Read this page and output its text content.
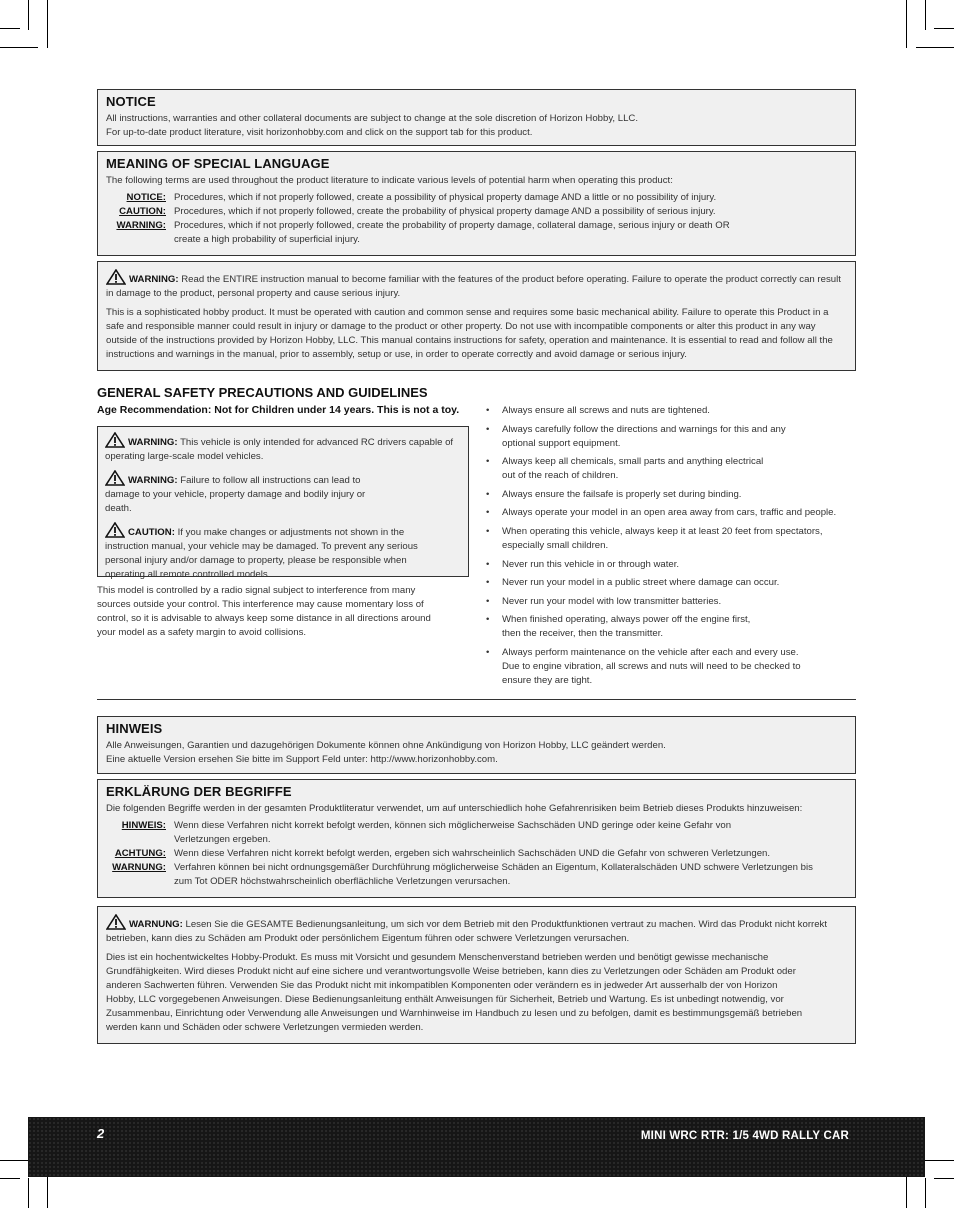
NOTICE

All instructions, warranties and other collateral documents are subject to change at the sole discretion of Horizon Hobby, LLC.

For up-to-date product literature, visit horizonhobby.com and click on the support tab for this product.

MEANING OF SPECIAL LANGUAGE

The following terms are used throughout the product literature to indicate various levels of potential harm when operating this product:

NOTICE: Procedures, which if not properly followed, create a possibility of physical property damage AND a little or no possibility of injury.
CAUTION: Procedures, which if not properly followed, create the probability of physical property damage AND a possibility of serious injury.
WARNING: Procedures, which if not properly followed, create the probability of property damage, collateral damage, serious injury or death OR create a high probability of superficial injury.

WARNING: Read the ENTIRE instruction manual to become familiar with the features of the product before operating. Failure to operate the product correctly can result in damage to the product, personal property and cause serious injury.

This is a sophisticated hobby product. It must be operated with caution and common sense and requires some basic mechanical ability. Failure to operate this Product in a safe and responsible manner could result in injury or damage to the product or other property. Do not use with incompatible components or alter this product in any way outside of the instructions provided by Horizon Hobby, LLC. This manual contains instructions for safety, operation and maintenance. It is essential to read and follow all the instructions and warnings in the manual, prior to assembly, setup or use, in order to operate correctly and avoid damage or serious injury.

GENERAL SAFETY PRECAUTIONS AND GUIDELINES

Age Recommendation: Not for Children under 14 years. This is not a toy.

WARNING: This vehicle is only intended for advanced RC drivers capable of operating large-scale model vehicles.

WARNING: Failure to follow all instructions can lead to damage to your vehicle, property damage and bodily injury or death.

CAUTION: If you make changes or adjustments not shown in the instruction manual, your vehicle may be damaged. To prevent any serious personal injury and/or damage to property, please be responsible when operating all remote controlled models.

This model is controlled by a radio signal subject to interference from many sources outside your control. This interference may cause momentary loss of control, so it is advisable to always keep some distance in all directions around your model as a safety margin to avoid collisions.

• Always ensure all screws and nuts are tightened.
• Always carefully follow the directions and warnings for this and any optional support equipment.
• Always keep all chemicals, small parts and anything electrical out of the reach of children.
• Always ensure the failsafe is properly set during binding.
• Always operate your model in an open area away from cars, traffic and people.
• When operating this vehicle, always keep it at least 20 feet from spectators, especially small children.
• Never run this vehicle in or through water.
• Never run your model in a public street where damage can occur.
• Never run your model with low transmitter batteries.
• When finished operating, always power off the engine first, then the receiver, then the transmitter.
• Always perform maintenance on the vehicle after each and every use. Due to engine vibration, all screws and nuts will need to be checked to ensure they are tight.
HINWEIS

Alle Anweisungen, Garantien und dazugehörigen Dokumente können ohne Ankündigung von Horizon Hobby, LLC geändert werden.

Eine aktuelle Version ersehen Sie bitte im Support Feld unter: http://www.horizonhobby.com.

ERKLÄRUNG DER BEGRIFFE

Die folgenden Begriffe werden in der gesamten Produktliteratur verwendet, um auf unterschiedlich hohe Gefahrenrisiken beim Betrieb dieses Produkts hinzuweisen:

HINWEIS: Wenn diese Verfahren nicht korrekt befolgt werden, können sich möglicherweise Sachschäden UND geringe oder keine Gefahr von Verletzungen ergeben.
ACHTUNG: Wenn diese Verfahren nicht korrekt befolgt werden, ergeben sich wahrscheinlich Sachschäden UND die Gefahr von schweren Verletzungen.
WARNUNG: Verfahren können bei nicht ordnungsgemäßer Durchführung möglicherweise Schäden an Eigentum, Kollateralschäden UND schwere Verletzungen bis zum Tot ODER höchstwahrscheinlich oberflächliche Verletzungen verursachen.

WARNUNG: Lesen Sie die GESAMTE Bedienungsanleitung, um sich vor dem Betrieb mit den Produktfunktionen vertraut zu machen. Wird das Produkt nicht korrekt betrieben, kann dies zu Schäden am Produkt oder persönlichem Eigentum führen oder schwere Verletzungen verursachen.

Dies ist ein hochentwickeltes Hobby-Produkt. Es muss mit Vorsicht und gesundem Menschenverstand betrieben werden und benötigt gewisse mechanische Grundfähigkeiten. Wird dieses Produkt nicht auf eine sichere und verantwortungsvolle Weise betrieben, kann dies zu Verletzungen oder Schäden am Produkt oder anderen Sachwerten führen. Verwenden Sie das Produkt nicht mit inkompatiblen Komponenten oder verändern es in jedweder Art ausserhalb der von Horizon Hobby, LLC vorgegebenen Anweisungen. Diese Bedienungsanleitung enthält Anweisungen für Sicherheit, Betrieb und Wartung. Es ist unbedingt notwendig, vor Zusammenbau, Einrichtung oder Verwendung alle Anweisungen und Warnhinweise im Handbuch zu lesen und zu befolgen, damit es bestimmungsgemäß betrieben werden kann und Schäden oder schwere Verletzungen vermieden werden.

2	MINI WRC RTR: 1/5 4WD RALLY CAR
